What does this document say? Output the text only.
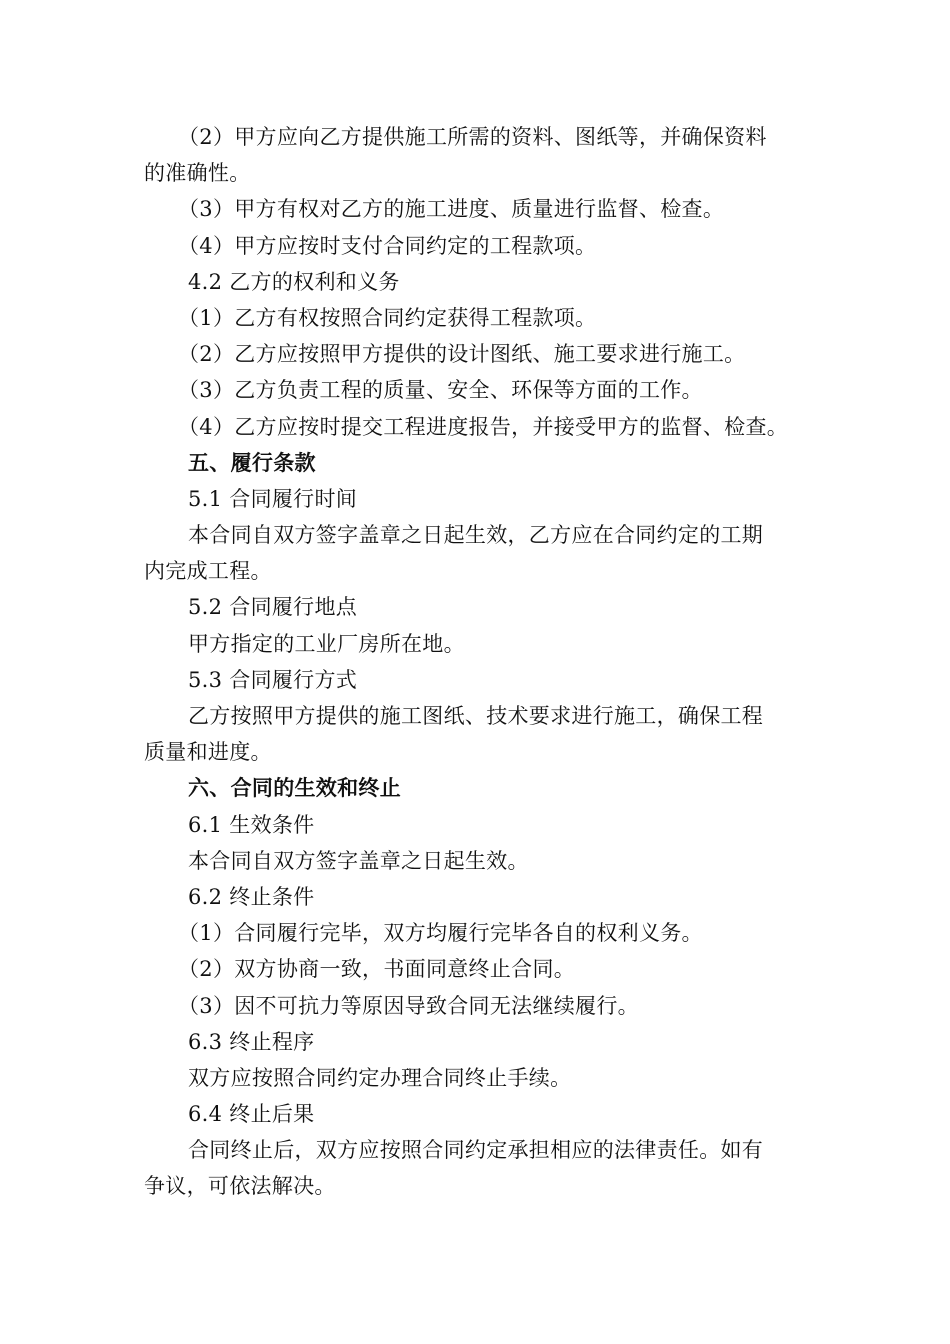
（2）甲方应向乙方提供施工所需的资料、图纸等，并确保资料
的准确性。
（3）甲方有权对乙方的施工进度、质量进行监督、检查。
（4）甲方应按时支付合同约定的工程款项。
4.2 乙方的权利和义务
（1）乙方有权按照合同约定获得工程款项。
（2）乙方应按照甲方提供的设计图纸、施工要求进行施工。
（3）乙方负责工程的质量、安全、环保等方面的工作。
（4）乙方应按时提交工程进度报告，并接受甲方的监督、检查。
五、履行条款
5.1 合同履行时间
本合同自双方签字盖章之日起生效，乙方应在合同约定的工期
内完成工程。
5.2 合同履行地点
甲方指定的工业厂房所在地。
5.3 合同履行方式
乙方按照甲方提供的施工图纸、技术要求进行施工，确保工程
质量和进度。
六、合同的生效和终止
6.1 生效条件
本合同自双方签字盖章之日起生效。
6.2 终止条件
（1）合同履行完毕，双方均履行完毕各自的权利义务。
（2）双方协商一致，书面同意终止合同。
（3）因不可抗力等原因导致合同无法继续履行。
6.3 终止程序
双方应按照合同约定办理合同终止手续。
6.4 终止后果
合同终止后，双方应按照合同约定承担相应的法律责任。如有
争议，可依法解决。
